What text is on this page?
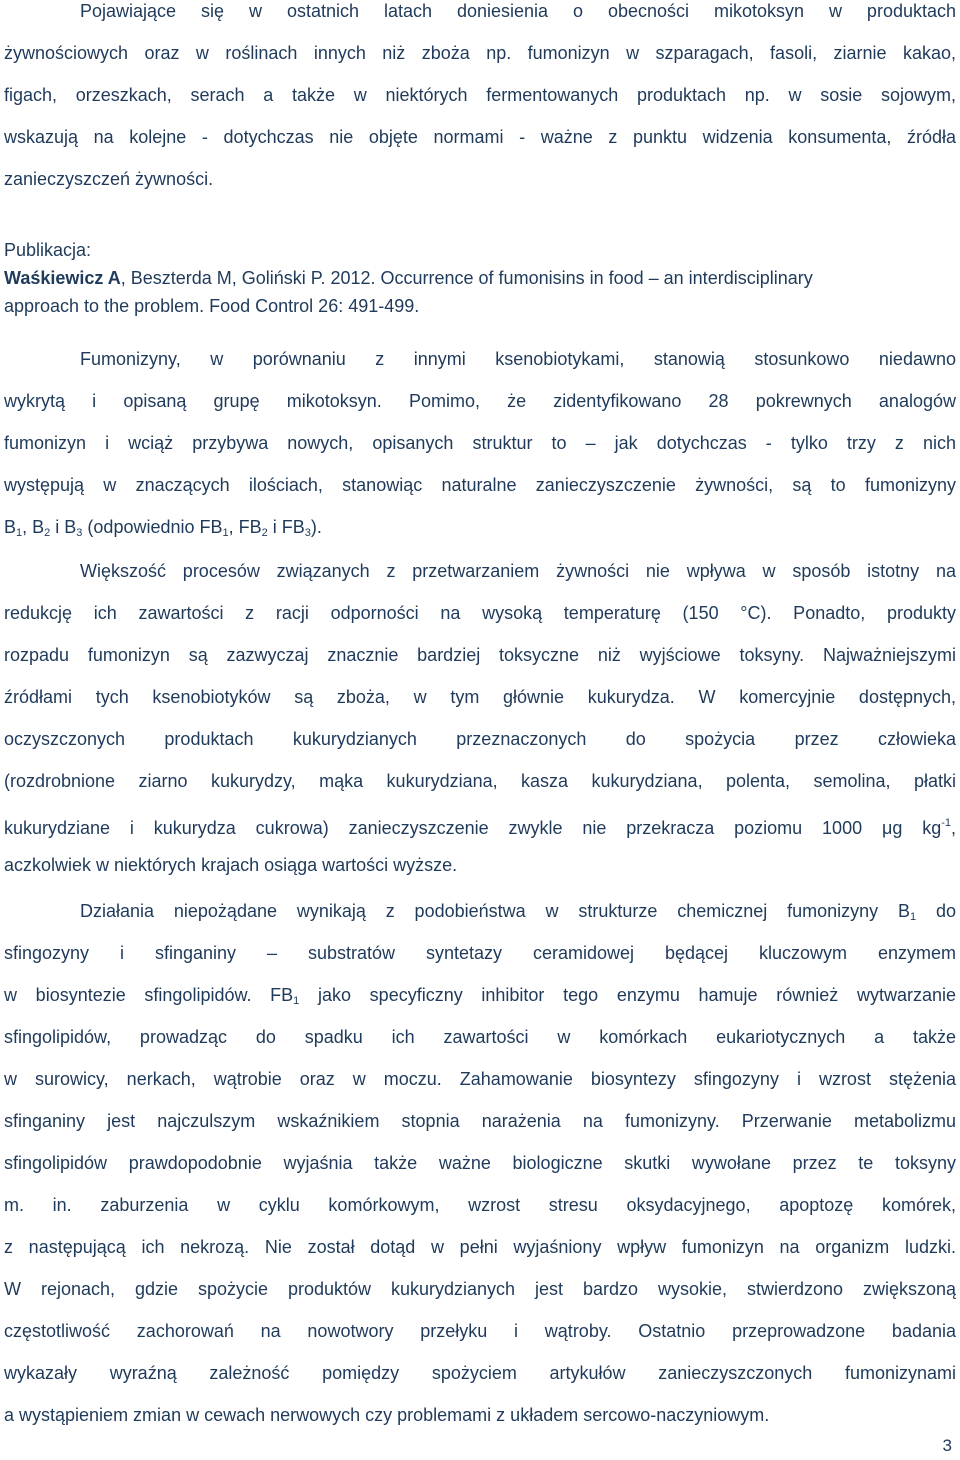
Pojawiające się w ostatnich latach doniesienia o obecności mikotoksyn w produktach
żywnościowych oraz w roślinach innych niż zboża np. fumonizyn w szparagach, fasoli, ziarnie kakao,
figach, orzeszkach, serach a także w niektórych fermentowanych produktach np. w sosie sojowym,
wskazują na kolejne - dotychczas nie objęte normami - ważne z punktu widzenia konsumenta, źródła
zanieczyszczeń żywności.
Publikacja:
Waśkiewicz A, Beszterda M, Goliński P. 2012. Occurrence of fumonisins in food – an interdisciplinary
approach to the problem. Food Control 26: 491-499.
Fumonizyny, w porównaniu z innymi ksenobiotykami, stanowią stosunkowo niedawno
wykrytą i opisaną grupę mikotoksyn. Pomimo, że zidentyfikowano 28 pokrewnych analogów
fumonizyn i wciąż przybywa nowych, opisanych struktur to – jak dotychczas - tylko trzy z nich
występują w znaczących ilościach, stanowiąc naturalne zanieczyszczenie żywności, są to fumonizyny
$B_1$, $B_2$ i $B_3$ (odpowiednio $FB_1$, $FB_2$ i $FB_3$).
Większość procesów związanych z przetwarzaniem żywności nie wpływa w sposób istotny na
redukcję ich zawartości z racji odporności na wysoką temperaturę (150 °C). Ponadto, produkty
rozpadu fumonizyn są zazwyczaj znacznie bardziej toksyczne niż wyjściowe toksyny. Najważniejszymi
źródłami tych ksenobiotyków są zboża, w tym głównie kukurydza. W komercyjnie dostępnych,
oczyszczonych produktach kukurydzianych przeznaczonych do spożycia przez człowieka
(rozdrobnione ziarno kukurydzy, mąka kukurydziana, kasza kukurydziana, polenta, semolina, płatki
kukurydziane i kukurydza cukrowa) zanieczyszczenie zwykle nie przekracza poziomu 1000 μg $kg^{-1}$,
aczkolwiek w niektórych krajach osiąga wartości wyższe.
Działania niepożądane wynikają z podobieństwa w strukturze chemicznej fumonizyny $B_1$ do
sfingozyny i sfinganiny – substratów syntetazy ceramidowej będącej kluczowym enzymem
w biosyntezie sfingolipidów. $FB_1$ jako specyficzny inhibitor tego enzymu hamuje również wytwarzanie
sfingolipidów, prowadząc do spadku ich zawartości w komórkach eukariotycznych a także
w surowicy, nerkach, wątrobie oraz w moczu. Zahamowanie biosyntezy sfingozyny i wzrost stężenia
sfinganiny jest najczulszym wskaźnikiem stopnia narażenia na fumonizyny. Przerwanie metabolizmu
sfingolipidów prawdopodobnie wyjaśnia także ważne biologiczne skutki wywołane przez te toksyny
m. in. zaburzenia w cyklu komórkowym, wzrost stresu oksydacyjnego, apoptozę komórek,
z następującą ich nekrozą. Nie został dotąd w pełni wyjaśniony wpływ fumonizyn na organizm ludzki.
W rejonach, gdzie spożycie produktów kukurydzianych jest bardzo wysokie, stwierdzono zwiększoną
częstotliwość zachorowań na nowotwory przełyku i wątroby. Ostatnio przeprowadzone badania
wykazały wyraźną zależność pomiędzy spożyciem artykułów zanieczyszczonych fumonizynami
a wystąpieniem zmian w cewach nerwowych czy problemami z układem sercowo-naczyniowym.
3
